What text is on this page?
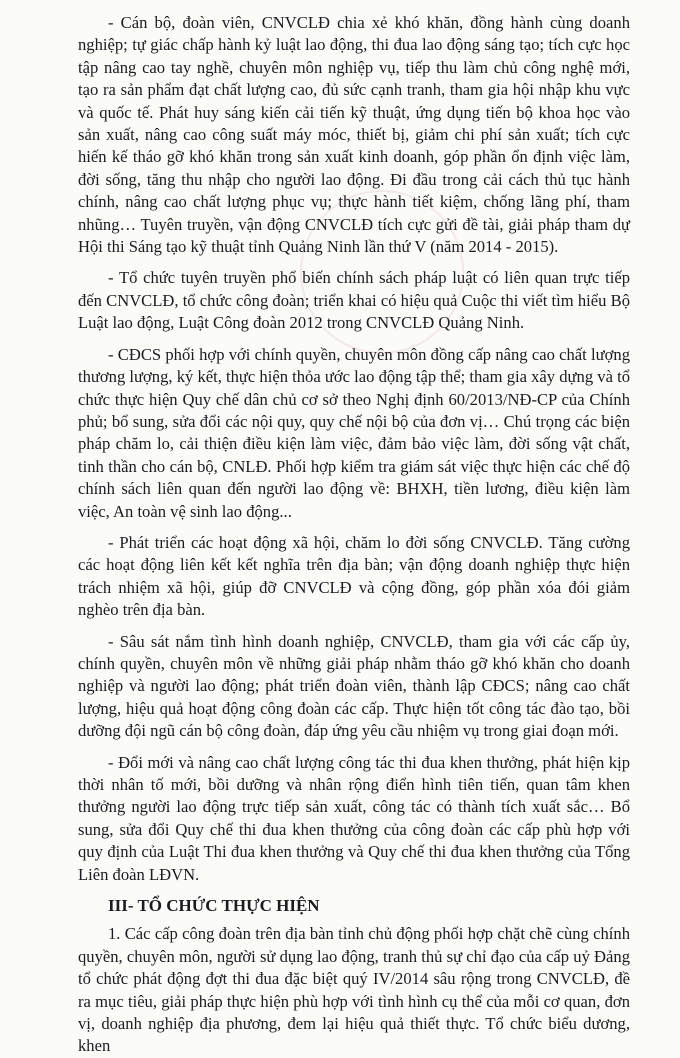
- Cán bộ, đoàn viên, CNVCLĐ chia xẻ khó khăn, đồng hành cùng doanh nghiệp; tự giác chấp hành kỷ luật lao động, thi đua lao động sáng tạo; tích cực học tập nâng cao tay nghề, chuyên môn nghiệp vụ, tiếp thu làm chủ công nghệ mới, tạo ra sản phẩm đạt chất lượng cao, đủ sức cạnh tranh, tham gia hội nhập khu vực và quốc tế. Phát huy sáng kiến cải tiến kỹ thuật, ứng dụng tiến bộ khoa học vào sản xuất, nâng cao công suất máy móc, thiết bị, giảm chi phí sản xuất; tích cực hiến kế tháo gỡ khó khăn trong sản xuất kinh doanh, góp phần ổn định việc làm, đời sống, tăng thu nhập cho người lao động. Đi đầu trong cải cách thủ tục hành chính, nâng cao chất lượng phục vụ; thực hành tiết kiệm, chống lãng phí, tham nhũng… Tuyên truyền, vận động CNVCLĐ tích cực gửi đề tài, giải pháp tham dự Hội thi Sáng tạo kỹ thuật tỉnh Quảng Ninh lần thứ V (năm 2014 - 2015).

- Tổ chức tuyên truyền phổ biến chính sách pháp luật có liên quan trực tiếp đến CNVCLĐ, tổ chức công đoàn; triển khai có hiệu quả Cuộc thi viết tìm hiểu Bộ Luật lao động, Luật Công đoàn 2012 trong CNVCLĐ Quảng Ninh.

- CĐCS phối hợp với chính quyền, chuyên môn đồng cấp nâng cao chất lượng thương lượng, ký kết, thực hiện thỏa ước lao động tập thể; tham gia xây dựng và tổ chức thực hiện Quy chế dân chủ cơ sở theo Nghị định 60/2013/NĐ-CP của Chính phủ; bổ sung, sửa đổi các nội quy, quy chế nội bộ của đơn vị… Chú trọng các biện pháp chăm lo, cải thiện điều kiện làm việc, đảm bảo việc làm, đời sống vật chất, tinh thần cho cán bộ, CNLĐ. Phối hợp kiểm tra giám sát việc thực hiện các chế độ chính sách liên quan đến người lao động về: BHXH, tiền lương, điều kiện làm việc, An toàn vệ sinh lao động...

- Phát triển các hoạt động xã hội, chăm lo đời sống CNVCLĐ. Tăng cường các hoạt động liên kết kết nghĩa trên địa bàn; vận động doanh nghiệp thực hiện trách nhiệm xã hội, giúp đỡ CNVCLĐ và cộng đồng, góp phần xóa đói giảm nghèo trên địa bàn.

- Sâu sát nắm tình hình doanh nghiệp, CNVCLĐ, tham gia với các cấp ủy, chính quyền, chuyên môn về những giải pháp nhằm tháo gỡ khó khăn cho doanh nghiệp và người lao động; phát triển đoàn viên, thành lập CĐCS; nâng cao chất lượng, hiệu quả hoạt động công đoàn các cấp. Thực hiện tốt công tác đào tạo, bồi dưỡng đội ngũ cán bộ công đoàn, đáp ứng yêu cầu nhiệm vụ trong giai đoạn mới.

- Đổi mới và nâng cao chất lượng công tác thi đua khen thưởng, phát hiện kịp thời nhân tố mới, bồi dưỡng và nhân rộng điển hình tiên tiến, quan tâm khen thưởng người lao động trực tiếp sản xuất, công tác có thành tích xuất sắc… Bổ sung, sửa đổi Quy chế thi đua khen thưởng của công đoàn các cấp phù hợp với quy định của Luật Thi đua khen thưởng và Quy chế thi đua khen thưởng của Tổng Liên đoàn LĐVN.

III- TỔ CHỨC THỰC HIỆN

1. Các cấp công đoàn trên địa bàn tỉnh chủ động phối hợp chặt chẽ cùng chính quyền, chuyên môn, người sử dụng lao động, tranh thủ sự chỉ đạo của cấp uỷ Đảng tổ chức phát động đợt thi đua đặc biệt quý IV/2014 sâu rộng trong CNVCLĐ, đề ra mục tiêu, giải pháp thực hiện phù hợp với tình hình cụ thể của mỗi cơ quan, đơn vị, doanh nghiệp địa phương, đem lại hiệu quả thiết thực. Tổ chức biểu dương, khen
